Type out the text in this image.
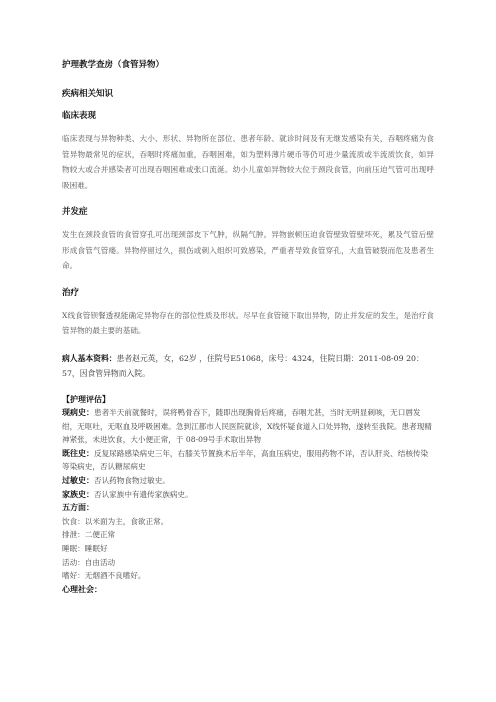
护理教学查房（食管异物）

疾病相关知识

临床表现

临床表现与异物种类、大小、形状、异物所在部位、患者年龄、就诊时间及有无继发感染有关，吞咽疼痛为食管异物最常见的症状，吞咽时疼痛加重，吞咽困难，如为塑料薄片硬币等仍可进少量流质或半流质饮食，如异物较大或合并感染者可出现吞咽困难或张口流涎。幼小儿童如异物较大位于颈段食管，向前压迫气管可出现呼吸困难。

并发症

发生在颈段食管的食管穿孔可出现颈部皮下气肿，纵隔气肿。异物嵌顿压迫食管壁致管壁坏死，累及气管后壁形成食管气管瘘。异物停留过久，损伤或刺入组织可致感染，严重者导致食管穿孔，大血管破裂而危及患者生命。

治疗

X线食管钡餐透视能确定异物存在的部位性质及形状。尽早在食管镜下取出异物，防止并发症的发生，是治疗食管异物的最主要的基础。

病人基本资料：患者赵元英，女，62岁 ，住院号E51068，床号：4324，住院日期：2011-08-09 20：57，因食管异物而入院。

【护理评估】

现病史：患者半天前就餐时，误将鸭骨吞下，随即出现胸骨后疼痛，吞咽尤甚，当时无明显刺咳，无口唇发绀，无呕吐，无呕血及呼吸困难。急到江都市人民医院就诊，X线怀疑食道入口处异物，遂转至我院。患者现精神紧张，未进饮食，大小便正常，于 08-09号手术取出异物

既往史：反复尿路感染病史三年，右膝关节置换术后半年，高血压病史，服用药物不详，否认肝炎、结核传染等染病史，否认糖尿病史

过敏史：否认药物食物过敏史。

家族史：否认家族中有遗传家族病史。

五方面：

饮食：以米面为主，食欲正常。

排泄：二便正常

睡眠：睡眠好

活动：自由活动

嗜好：无烟酒不良嗜好。

心理社会：
